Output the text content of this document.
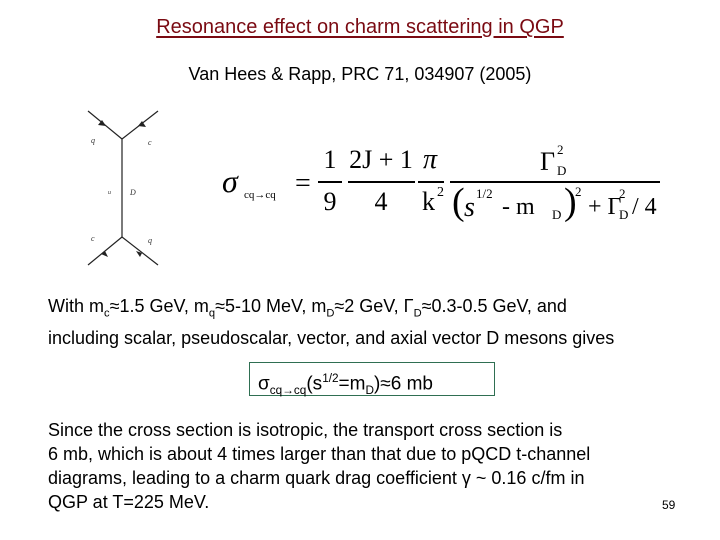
Resonance effect on charm scattering in QGP
Van Hees & Rapp, PRC 71, 034907 (2005)
q	c
u D
c	q
σ cq→cq =
1
9
2J + 1
4
π
k 2
Γ 2
D
( s 1/2
- m D )
2
+ Γ
2
D / 4
With $m_c\approx 1.5$ GeV, $m_q\approx 5-10$ MeV, $m_D\approx 2$ GeV, $\Gamma_D\approx 0.3-0.5$ GeV, and
including scalar, pseudoscalar, vector, and axial vector D mesons gives
$\sigma_{cq\to cq}(s^{1/2}=m_D)\approx 6$ mb
Since the cross section is isotropic, the transport cross section is
6 mb, which is about 4 times larger than that due to pQCD t-channel
diagrams, leading to a charm quark drag coefficient γ ~ 0.16 c/fm in
QGP at T=225 MeV.	59
